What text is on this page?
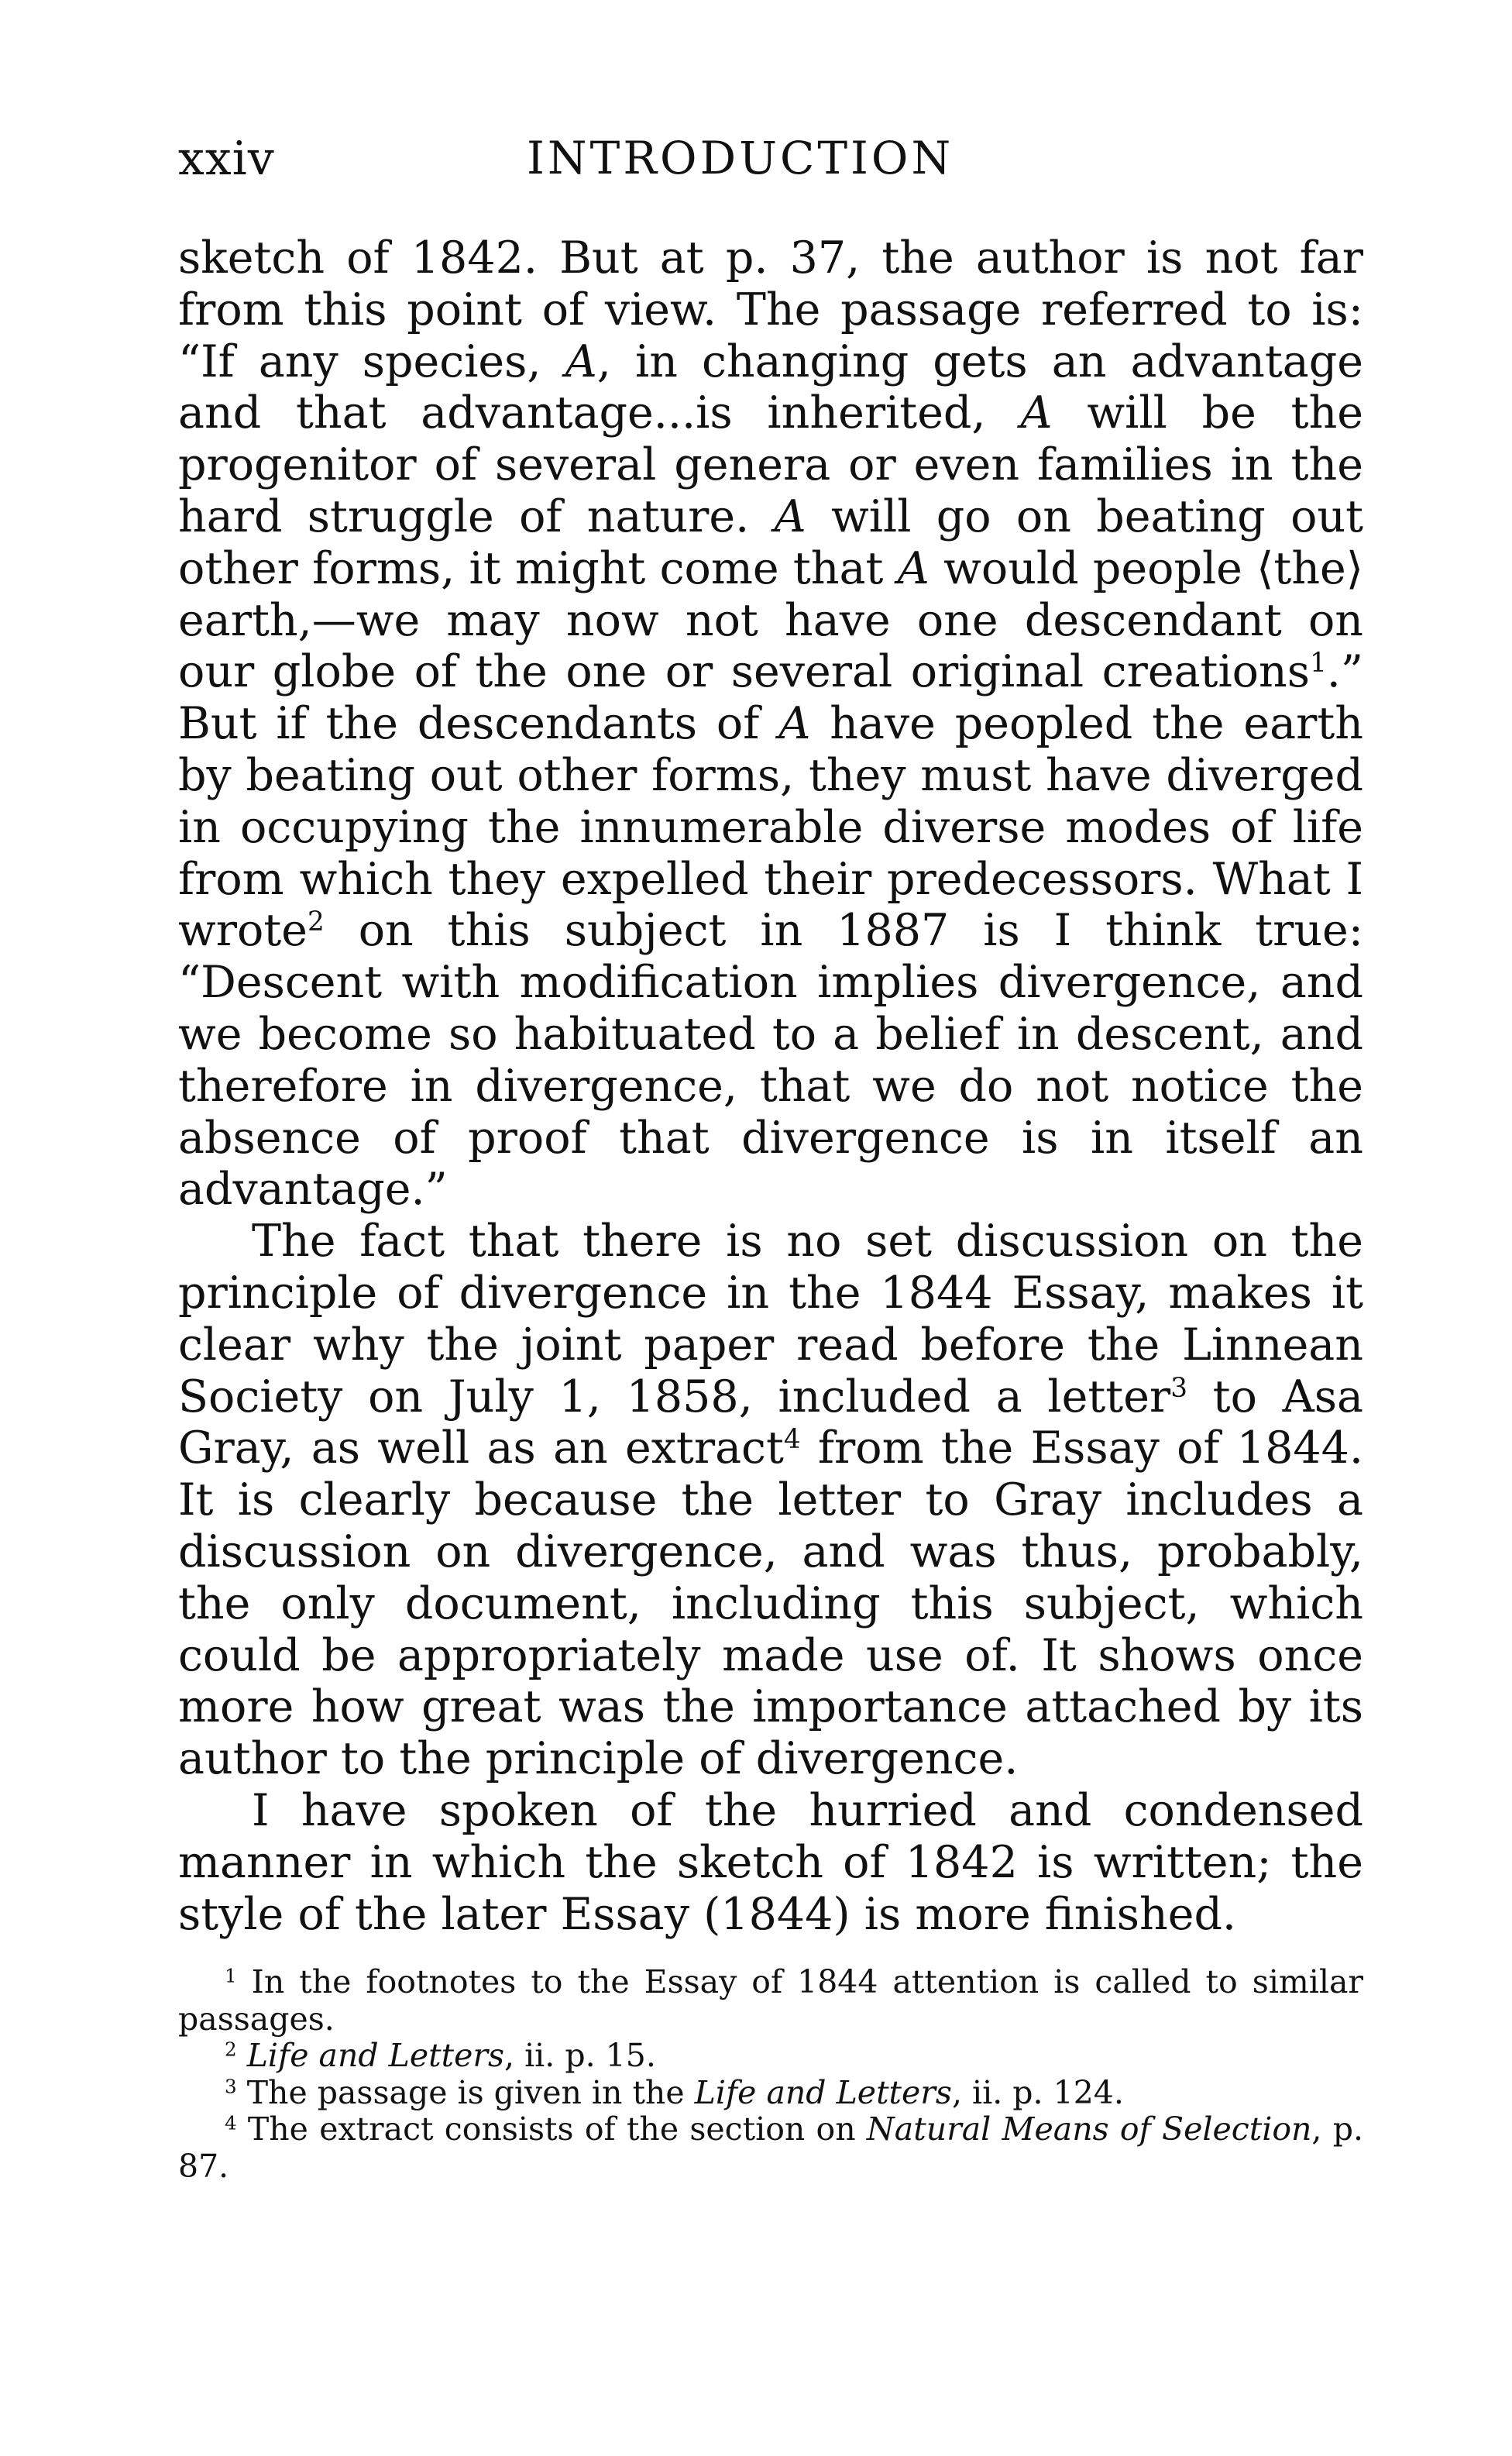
xxiv	INTRODUCTION

sketch of 1842. But at p. 37, the author is not far from this point of view. The passage referred to is: “If any species, A, in changing gets an advantage and that advantage...is inherited, A will be the progenitor of several genera or even families in the hard struggle of nature. A will go on beating out other forms, it might come that A would people ⟨the⟩ earth,—we may now not have one descendant on our globe of the one or several original creations$^1$.” But if the descendants of A have peopled the earth by beating out other forms, they must have diverged in occupying the innumerable diverse modes of life from which they expelled their predecessors. What I wrote$^2$ on this subject in 1887 is I think true: “Descent with modification implies divergence, and we become so habituated to a belief in descent, and therefore in divergence, that we do not notice the absence of proof that divergence is in itself an advantage.”

The fact that there is no set discussion on the principle of divergence in the 1844 Essay, makes it clear why the joint paper read before the Linnean Society on July 1, 1858, included a letter$^3$ to Asa Gray, as well as an extract$^4$ from the Essay of 1844. It is clearly because the letter to Gray includes a discussion on divergence, and was thus, probably, the only document, including this subject, which could be appropriately made use of. It shows once more how great was the importance attached by its author to the principle of divergence.

I have spoken of the hurried and condensed manner in which the sketch of 1842 is written; the style of the later Essay (1844) is more finished.

$^1$ In the footnotes to the Essay of 1844 attention is called to similar passages.

$^2$ Life and Letters, ii. p. 15.

$^3$ The passage is given in the Life and Letters, ii. p. 124.

$^4$ The extract consists of the section on Natural Means of Selection, p. 87.
